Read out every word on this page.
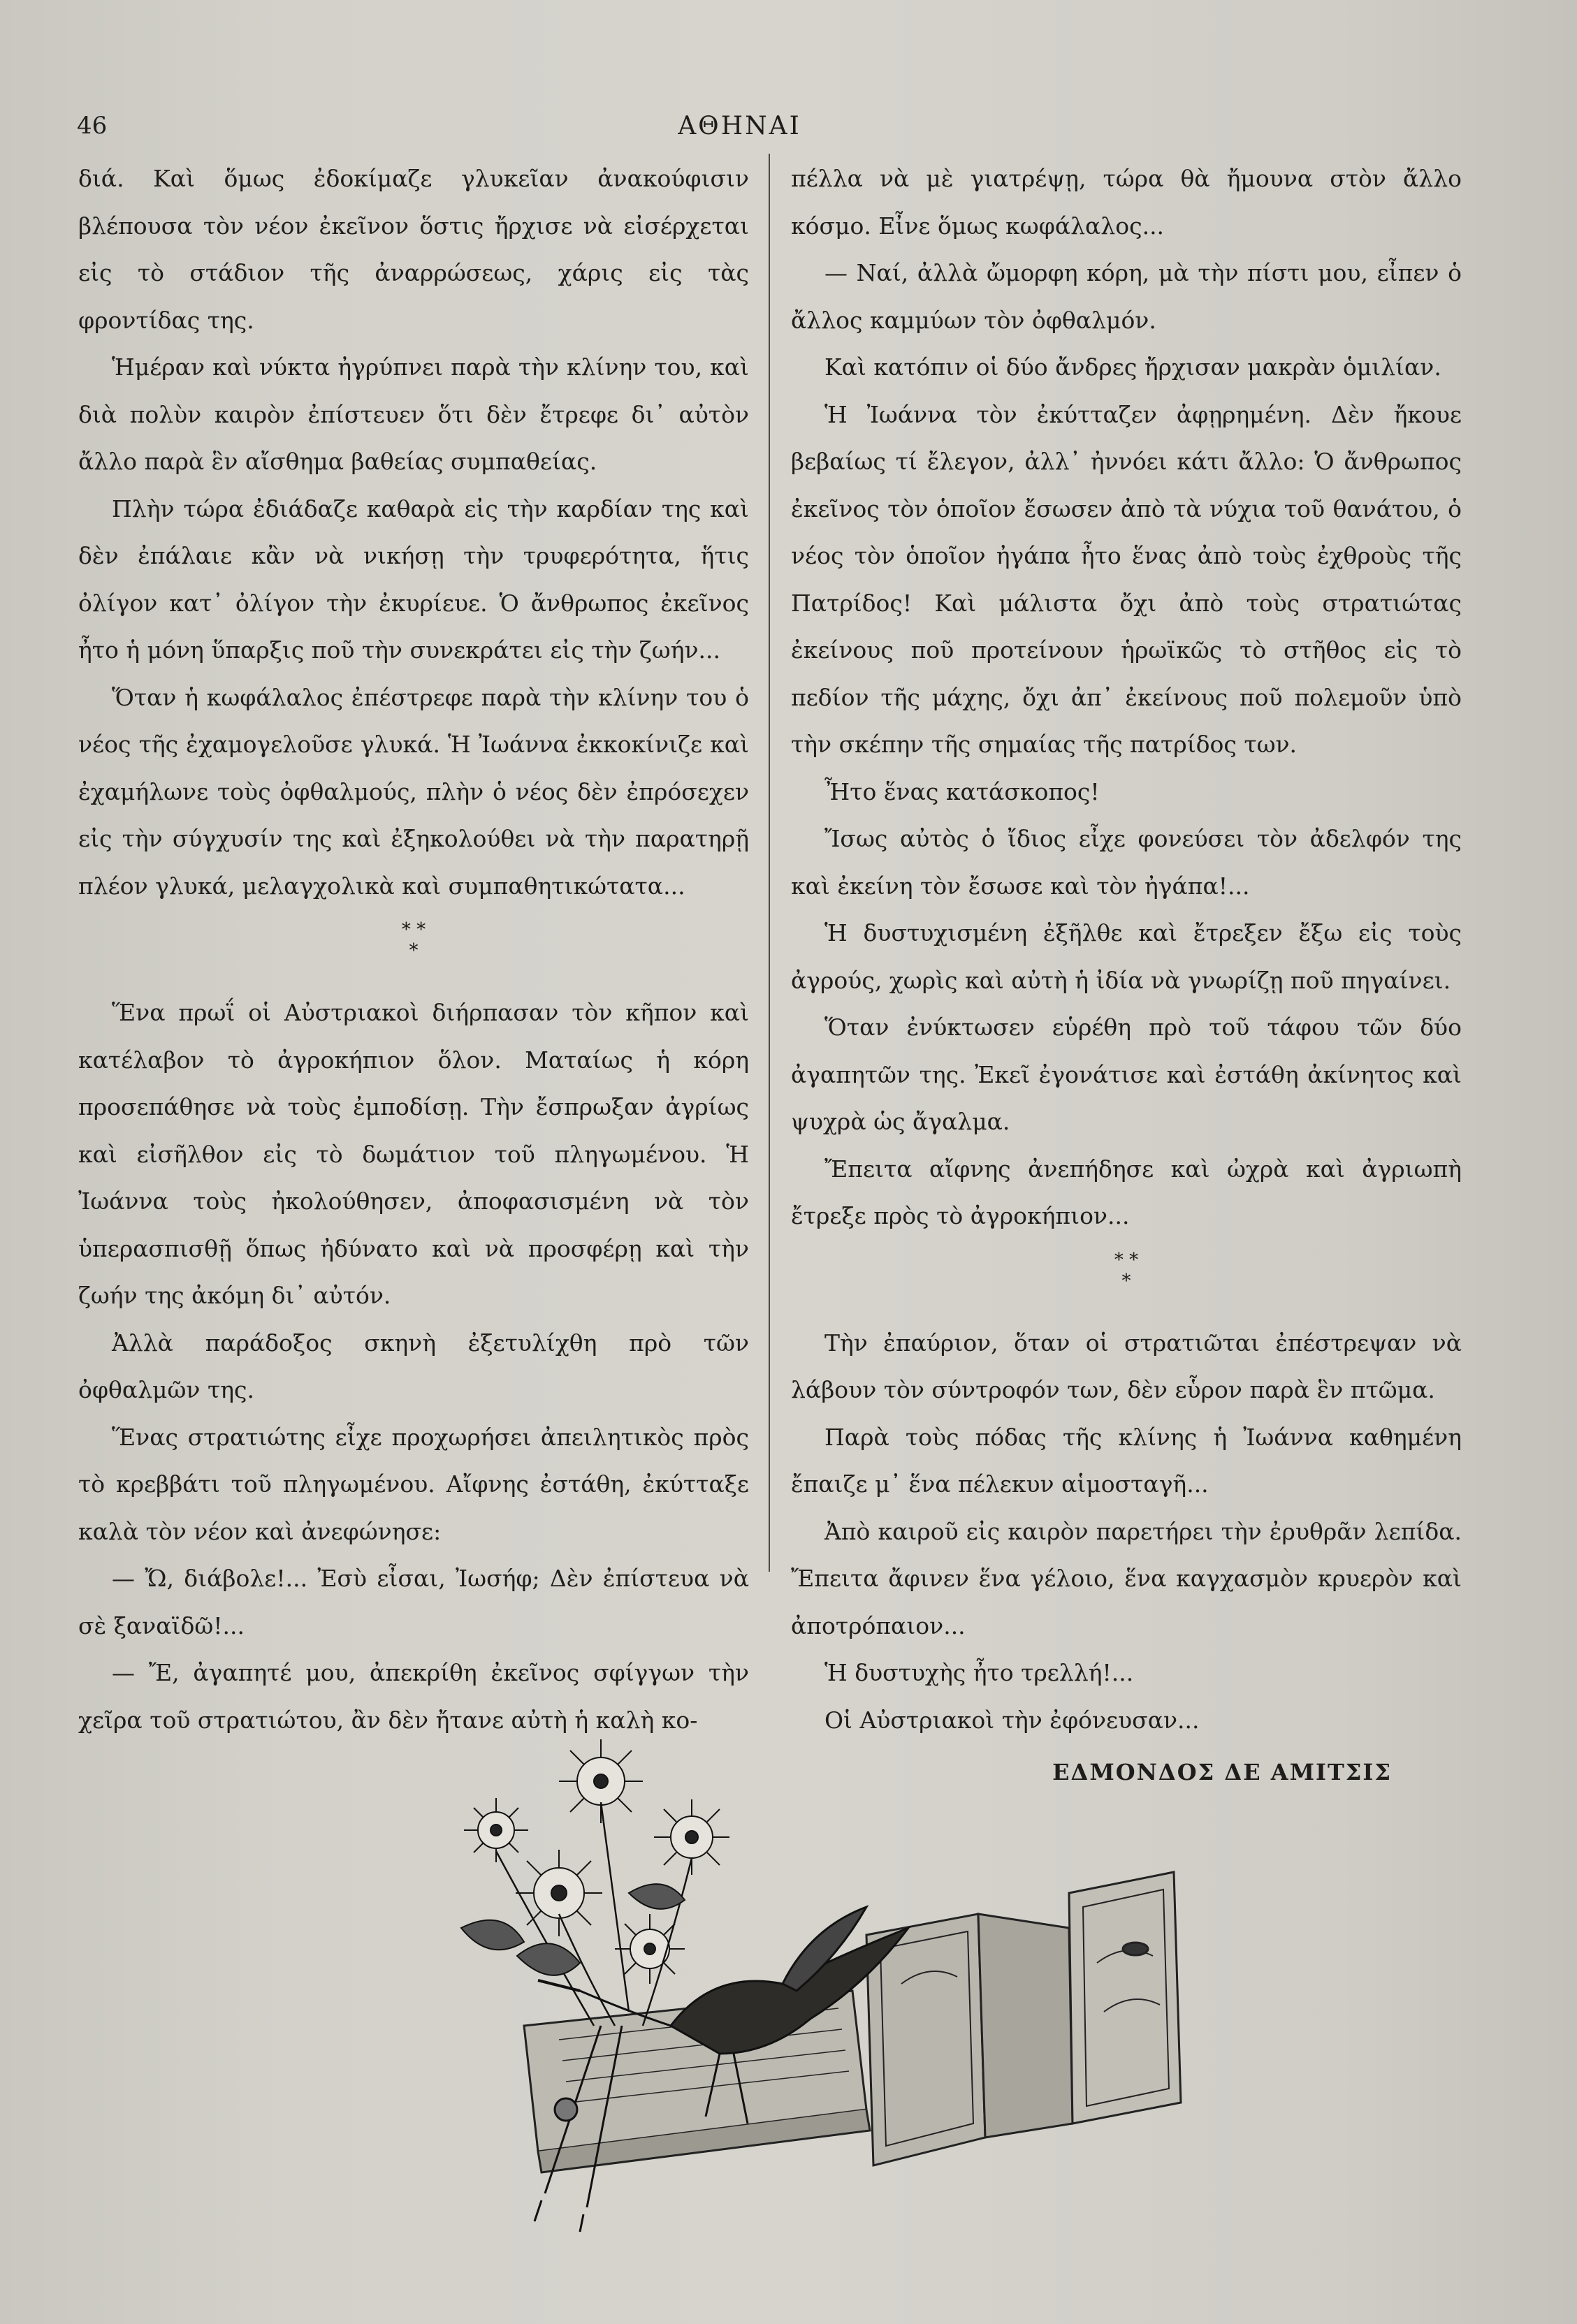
46	ΑΘΗΝΑΙ

διά. Καὶ ὅμως ἐδοκίμαζε γλυκεῖαν ἀνακούφισιν βλέπουσα τὸν νέον ἐκεῖνον ὅστις ἤρχισε νὰ εἰσέρχεται εἰς τὸ στάδιον τῆς ἀναρρώσεως, χάρις εἰς τὰς φροντίδας της.

Ἡμέραν καὶ νύκτα ἠγρύπνει παρὰ τὴν κλίνην του, καὶ διὰ πολὺν καιρὸν ἐπίστευεν ὅτι δὲν ἔτρεφε δι᾽ αὐτὸν ἄλλο παρὰ ἓν αἴσθημα βαθείας συμπαθείας.

Πλὴν τώρα ἐδιάδαζε καθαρὰ εἰς τὴν καρδίαν της καὶ δὲν ἐπάλαιε κἂν νὰ νικήσῃ τὴν τρυφερότητα, ἥτις ὀλίγον κατ᾽ ὀλίγον τὴν ἐκυρίευε. Ὁ ἄνθρωπος ἐκεῖνος ἦτο ἡ μόνη ὕπαρξις ποῦ τὴν συνεκράτει εἰς τὴν ζωήν...

Ὅταν ἡ κωφάλαλος ἐπέστρεφε παρὰ τὴν κλίνην του ὁ νέος τῆς ἐχαμογελοῦσε γλυκά. Ἡ Ἰωάννα ἐκκοκίνιζε καὶ ἐχαμήλωνε τοὺς ὀφθαλμούς, πλὴν ὁ νέος δὲν ἐπρόσεχεν εἰς τὴν σύγχυσίν της καὶ ἐξηκολούθει νὰ τὴν παρατηρῇ πλέον γλυκά, μελαγχολικὰ καὶ συμπαθητικώτατα...

* *
*

Ἕνα πρωΐ οἱ Αὐστριακοὶ διήρπασαν τὸν κῆπον καὶ κατέλαβον τὸ ἀγροκήπιον ὅλον. Ματαίως ἡ κόρη προσεπάθησε νὰ τοὺς ἐμποδίσῃ. Τὴν ἔσπρωξαν ἀγρίως καὶ εἰσῆλθον εἰς τὸ δωμάτιον τοῦ πληγωμένου. Ἡ Ἰωάννα τοὺς ἠκολούθησεν, ἀποφασισμένη νὰ τὸν ὑπερασπισθῇ ὅπως ἠδύνατο καὶ νὰ προσφέρῃ καὶ τὴν ζωήν της ἀκόμη δι᾽ αὐτόν.

Ἀλλὰ παράδοξος σκηνὴ ἐξετυλίχθη πρὸ τῶν ὀφθαλμῶν της.

Ἕνας στρατιώτης εἶχε προχωρήσει ἀπειλητικὸς πρὸς τὸ κρεββάτι τοῦ πληγωμένου. Αἴφνης ἐστάθη, ἐκύτταξε καλὰ τὸν νέον καὶ ἀνεφώνησε:

— Ὤ, διάβολε!... Ἐσὺ εἶσαι, Ἰωσήφ; Δὲν ἐπίστευα νὰ σὲ ξαναϊδῶ!...

— Ἔ, ἀγαπητέ μου, ἀπεκρίθη ἐκεῖνος σφίγγων τὴν χεῖρα τοῦ στρατιώτου, ἂν δὲν ἤτανε αὐτὴ ἡ καλὴ κο-

πέλλα νὰ μὲ γιατρέψῃ, τώρα θὰ ἤμουνα στὸν ἄλλο κόσμο. Εἶνε ὅμως κωφάλαλος...

— Ναί, ἀλλὰ ὤμορφη κόρη, μὰ τὴν πίστι μου, εἶπεν ὁ ἄλλος καμμύων τὸν ὀφθαλμόν.

Καὶ κατόπιν οἱ δύο ἄνδρες ἤρχισαν μακρὰν ὁμιλίαν.

Ἡ Ἰωάννα τὸν ἐκύτταζεν ἀφῃρημένη. Δὲν ἤκουε βεβαίως τί ἔλεγον, ἀλλ᾽ ἠννόει κάτι ἄλλο: Ὁ ἄνθρωπος ἐκεῖνος τὸν ὁποῖον ἔσωσεν ἀπὸ τὰ νύχια τοῦ θανάτου, ὁ νέος τὸν ὁποῖον ἠγάπα ἦτο ἕνας ἀπὸ τοὺς ἐχθροὺς τῆς Πατρίδος! Καὶ μάλιστα ὄχι ἀπὸ τοὺς στρατιώτας ἐκείνους ποῦ προτείνουν ἡρωϊκῶς τὸ στῆθος εἰς τὸ πεδίον τῆς μάχης, ὄχι ἀπ᾽ ἐκείνους ποῦ πολεμοῦν ὑπὸ τὴν σκέπην τῆς σημαίας τῆς πατρίδος των.

Ἦτο ἕνας κατάσκοπος!

Ἴσως αὐτὸς ὁ ἴδιος εἶχε φονεύσει τὸν ἀδελφόν της καὶ ἐκείνη τὸν ἔσωσε καὶ τὸν ἠγάπα!...

Ἡ δυστυχισμένη ἐξῆλθε καὶ ἔτρεξεν ἔξω εἰς τοὺς ἀγρούς, χωρὶς καὶ αὐτὴ ἡ ἰδία νὰ γνωρίζῃ ποῦ πηγαίνει.

Ὅταν ἐνύκτωσεν εὑρέθη πρὸ τοῦ τάφου τῶν δύο ἀγαπητῶν της. Ἐκεῖ ἐγονάτισε καὶ ἐστάθη ἀκίνητος καὶ ψυχρὰ ὡς ἄγαλμα.

Ἔπειτα αἴφνης ἀνεπήδησε καὶ ὠχρὰ καὶ ἀγριωπὴ ἔτρεξε πρὸς τὸ ἀγροκήπιον...

* *
*

Τὴν ἐπαύριον, ὅταν οἱ στρατιῶται ἐπέστρεψαν νὰ λάβουν τὸν σύντροφόν των, δὲν εὗρον παρὰ ἓν πτῶμα.

Παρὰ τοὺς πόδας τῆς κλίνης ἡ Ἰωάννα καθημένη ἔπαιζε μ᾽ ἕνα πέλεκυν αἱμοσταγῆ...

Ἀπὸ καιροῦ εἰς καιρὸν παρετήρει τὴν ἐρυθρᾶν λεπίδα. Ἔπειτα ἄφινεν ἕνα γέλοιο, ἕνα καγχασμὸν κρυερὸν καὶ ἀποτρόπαιον...

Ἡ δυστυχὴς ἦτο τρελλή!...

Οἱ Αὐστριακοὶ τὴν ἐφόνευσαν...

ΕΔΜΟΝΔΟΣ ΔΕ ΑΜΙΤΣΙΣ
